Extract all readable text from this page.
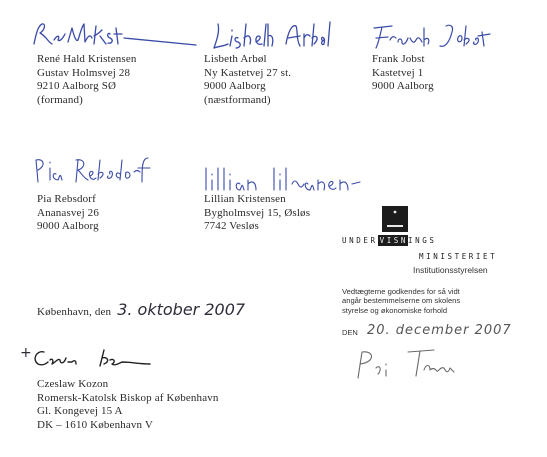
René Hald Kristensen
Gustav Holmsvej 28
9210 Aalborg SØ
(formand)
Lisbeth Arbøl
Ny Kastetvej 27 st.
9000 Aalborg
(næstformand)
Frank Jobst
Kastetvej 1
9000 Aalborg
Pia Rebsdorf
Ananasvej 26
9000 Aalborg
Lillian Kristensen
Bygholmsvej 15, Øsløs
7742 Vesløs
UNDER VISNINGS
MINISTERIET
Institutionsstyrelsen
Vedtægterne godkendes for så vidt
angår bestemmelserne om skolens
styrelse og økonomiske forhold
DEN 20. december 2007
København, den 3. oktober 2007
+
Czeslaw Kozon
Romersk-Katolsk Biskop af København
Gl. Kongevej 15 A
DK – 1610 København V
